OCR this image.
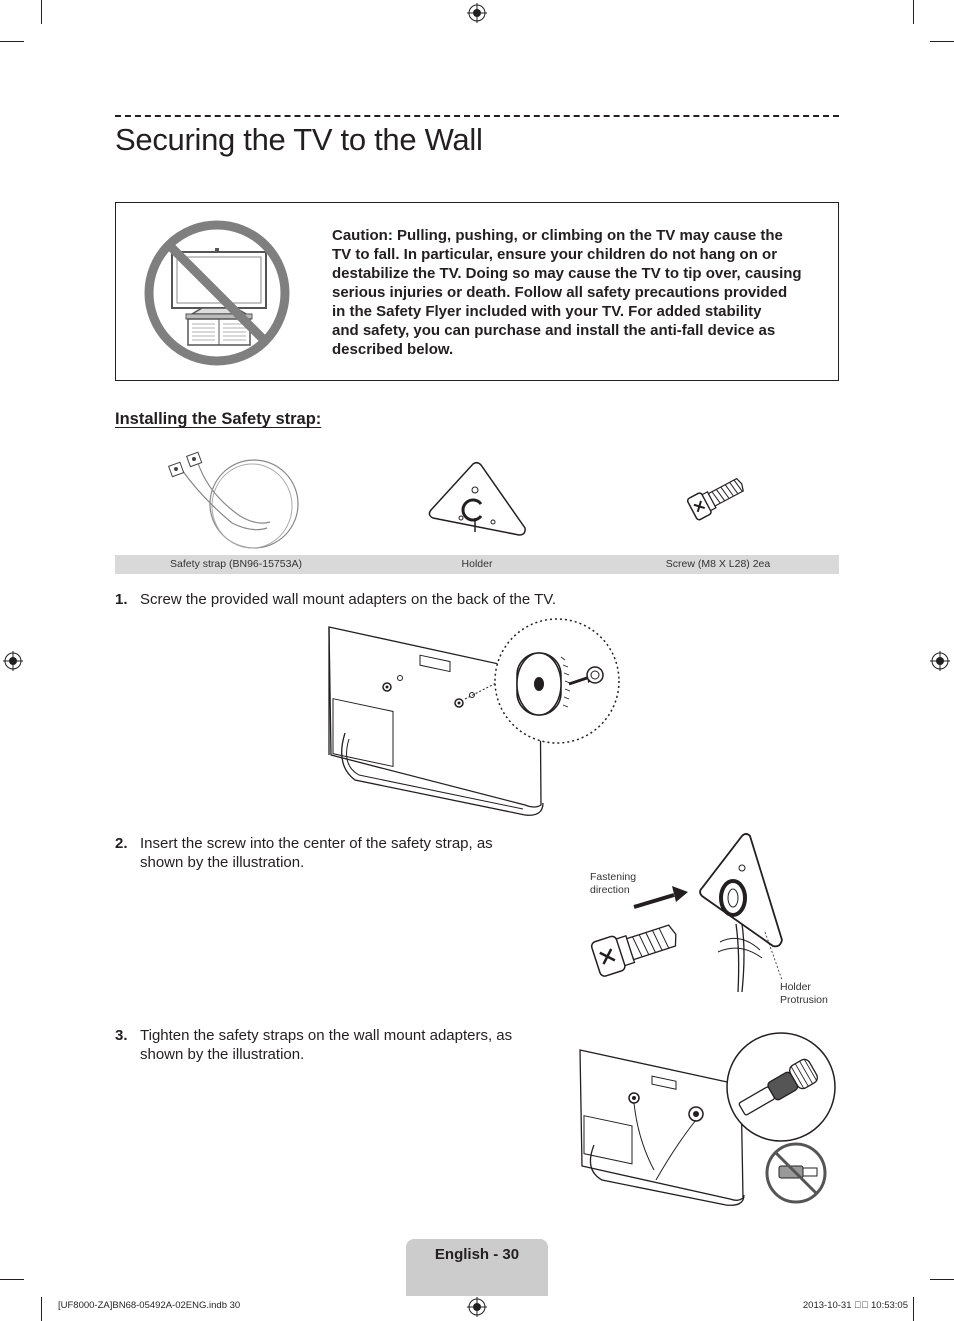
Securing the TV to the Wall
Caution: Pulling, pushing, or climbing on the TV may cause the
TV to fall. In particular, ensure your children do not hang on or
destabilize the TV. Doing so may cause the TV to tip over, causing
serious injuries or death. Follow all safety precautions provided
in the Safety Flyer included with your TV. For added stability
and safety, you can purchase and install the anti-fall device as
described below.
Installing the Safety strap:
Safety strap (BN96-15753A)	Holder	Screw (M8 X L28) 2ea
1. Screw the provided wall mount adapters on the back of the TV.
2. Insert the screw into the center of the safety strap, as
shown by the illustration.
Fastening
direction
Holder
Protrusion
3. Tighten the safety straps on the wall mount adapters, as
shown by the illustration.
English - 30
[UF8000-ZA]BN68-05492A-02ENG.indb 30	2013-10-31 ￿￿ 10:53:05
